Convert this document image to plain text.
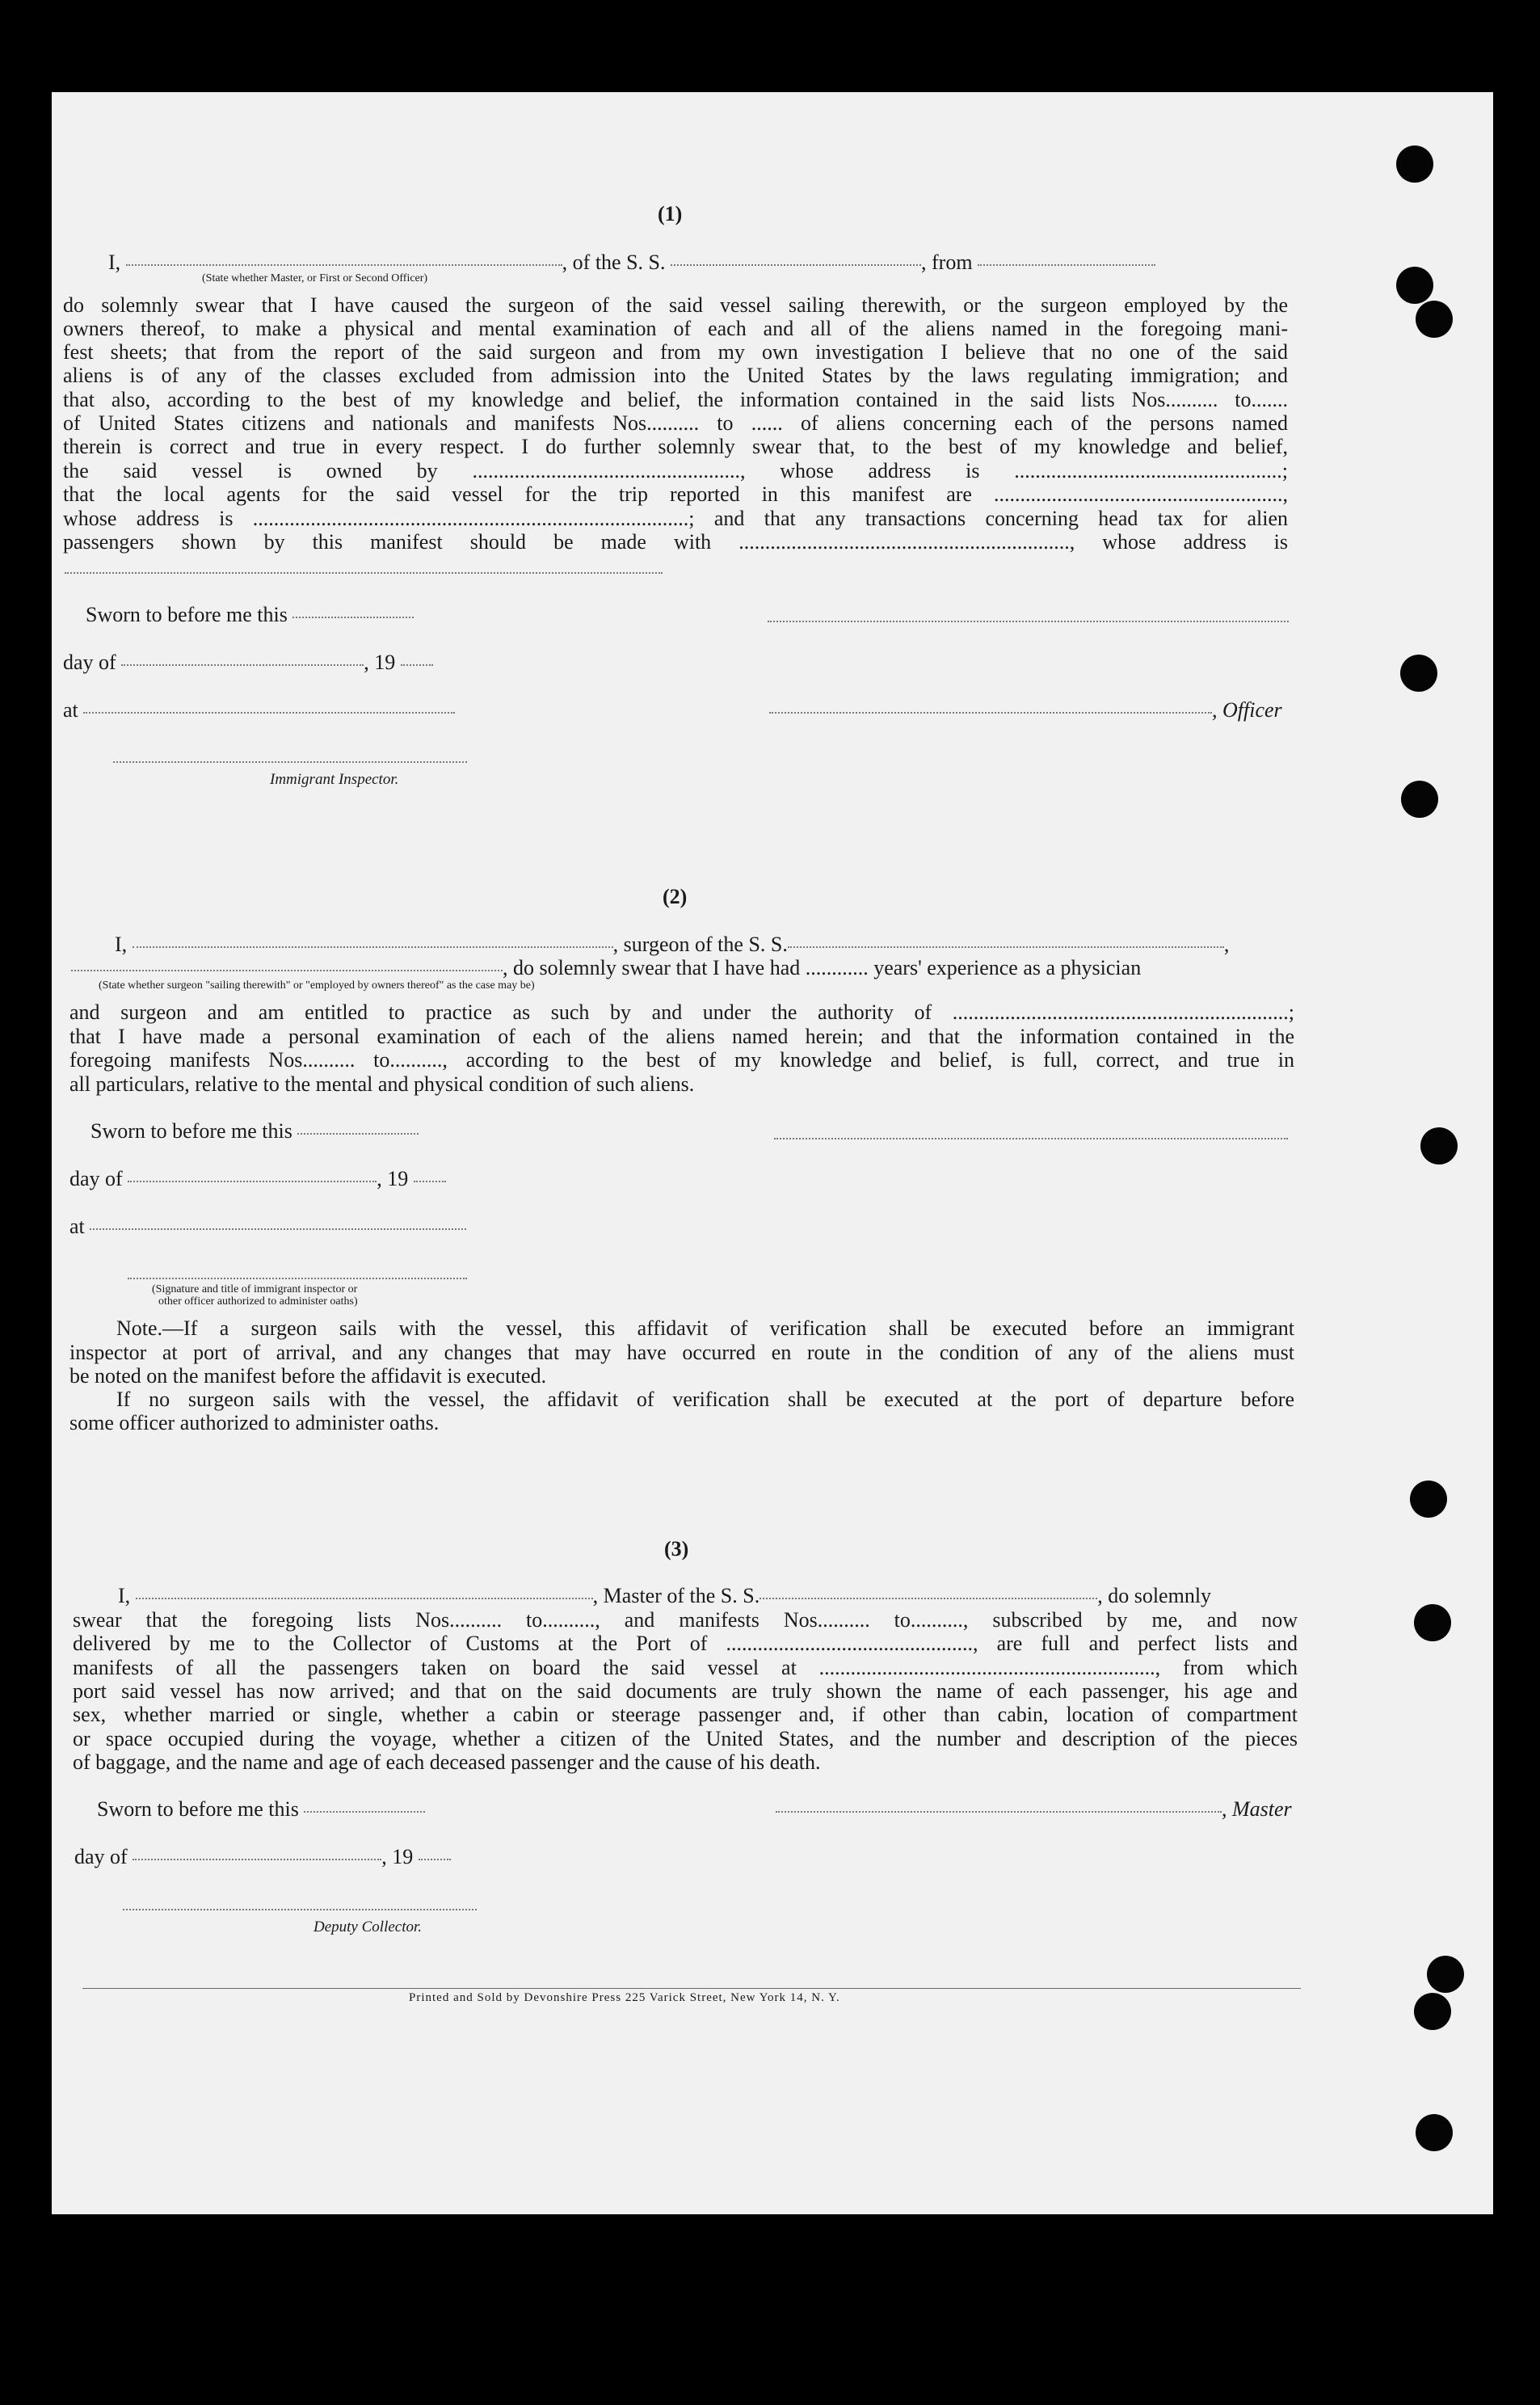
(1)
I,	, of the S. S.	, from
(State whether Master, or First or Second Officer)
do solemnly swear that I have caused the surgeon of the said vessel sailing therewith, or the surgeon employed by the
owners thereof, to make a physical and mental examination of each and all of the aliens named in the foregoing mani-
fest sheets; that from the report of the said surgeon and from my own investigation I believe that no one of the said
aliens is of any of the classes excluded from admission into the United States by the laws regulating immigration; and
that also, according to the best of my knowledge and belief, the information contained in the said lists Nos.......... to.......
of United States citizens and nationals and manifests Nos.......... to ...... of aliens concerning each of the persons named
therein is correct and true in every respect. I do further solemnly swear that, to the best of my knowledge and belief,
the said vessel is owned by ..................................................., whose address is ...................................................;
that the local agents for the said vessel for the trip reported in this manifest are .......................................................,
whose address is ...................................................................................; and that any transactions concerning head tax for alien
passengers shown by this manifest should be made with ..............................................................., whose address is
Sworn to before me this
day of	, 19
at	, Officer
Immigrant Inspector.
(2)
I,	, surgeon of the S. S.	,
, do solemnly swear that I have had ............ years' experience as a physician
(State whether surgeon "sailing therewith" or "employed by owners thereof" as the case may be)
and surgeon and am entitled to practice as such by and under the authority of ................................................................;
that I have made a personal examination of each of the aliens named herein; and that the information contained in the
foregoing manifests Nos.......... to.........., according to the best of my knowledge and belief, is full, correct, and true in
all particulars, relative to the mental and physical condition of such aliens.
Sworn to before me this
day of	, 19
at
(Signature and title of immigrant inspector or
other officer authorized to administer oaths)
Note.—If a surgeon sails with the vessel, this affidavit of verification shall be executed before an immigrant
inspector at port of arrival, and any changes that may have occurred en route in the condition of any of the aliens must
be noted on the manifest before the affidavit is executed.
If no surgeon sails with the vessel, the affidavit of verification shall be executed at the port of departure before
some officer authorized to administer oaths.
(3)
I,	, Master of the S. S.	, do solemnly
swear that the foregoing lists Nos.......... to.........., and manifests Nos.......... to.........., subscribed by me, and now
delivered by me to the Collector of Customs at the Port of ..............................................., are full and perfect lists and
manifests of all the passengers taken on board the said vessel at ................................................................, from which
port said vessel has now arrived; and that on the said documents are truly shown the name of each passenger, his age and
sex, whether married or single, whether a cabin or steerage passenger and, if other than cabin, location of compartment
or space occupied during the voyage, whether a citizen of the United States, and the number and description of the pieces
of baggage, and the name and age of each deceased passenger and the cause of his death.
Sworn to before me this	, Master
day of	, 19
Deputy Collector.
Printed and Sold by Devonshire Press 225 Varick Street, New York 14, N. Y.
